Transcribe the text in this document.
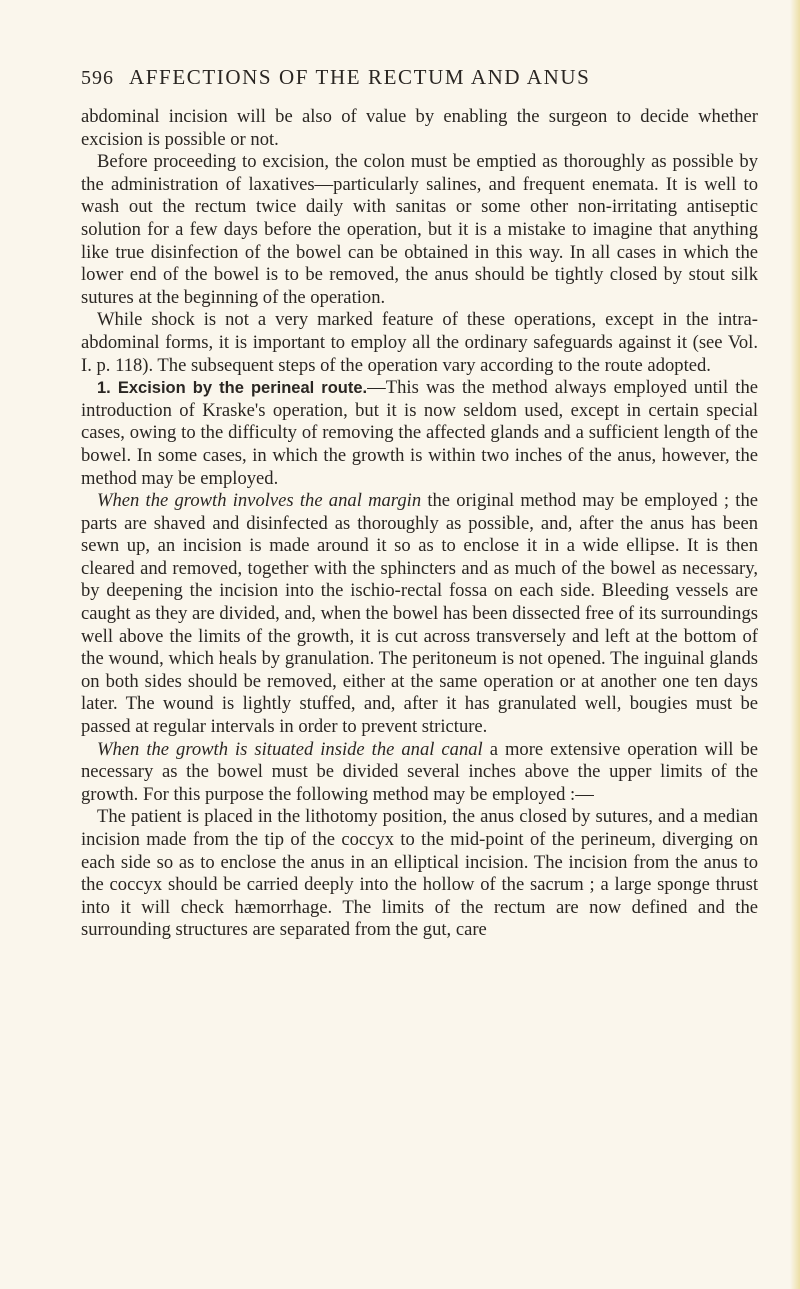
596 AFFECTIONS OF THE RECTUM AND ANUS

abdominal incision will be also of value by enabling the surgeon to decide whether excision is possible or not.

Before proceeding to excision, the colon must be emptied as thoroughly as possible by the administration of laxatives—particularly salines, and frequent enemata. It is well to wash out the rectum twice daily with sanitas or some other non-irritating antiseptic solution for a few days before the operation, but it is a mistake to imagine that anything like true disinfection of the bowel can be obtained in this way. In all cases in which the lower end of the bowel is to be removed, the anus should be tightly closed by stout silk sutures at the beginning of the operation.

While shock is not a very marked feature of these operations, except in the intra-abdominal forms, it is important to employ all the ordinary safeguards against it (see Vol. I. p. 118). The subsequent steps of the operation vary according to the route adopted.

1. Excision by the perineal route.—This was the method always employed until the introduction of Kraske's operation, but it is now seldom used, except in certain special cases, owing to the difficulty of removing the affected glands and a sufficient length of the bowel. In some cases, in which the growth is within two inches of the anus, however, the method may be employed.

When the growth involves the anal margin the original method may be employed ; the parts are shaved and disinfected as thoroughly as possible, and, after the anus has been sewn up, an incision is made around it so as to enclose it in a wide ellipse. It is then cleared and removed, together with the sphincters and as much of the bowel as necessary, by deepening the incision into the ischio-rectal fossa on each side. Bleeding vessels are caught as they are divided, and, when the bowel has been dissected free of its surroundings well above the limits of the growth, it is cut across transversely and left at the bottom of the wound, which heals by granulation. The peritoneum is not opened. The inguinal glands on both sides should be removed, either at the same operation or at another one ten days later. The wound is lightly stuffed, and, after it has granulated well, bougies must be passed at regular intervals in order to prevent stricture.

When the growth is situated inside the anal canal a more extensive operation will be necessary as the bowel must be divided several inches above the upper limits of the growth. For this purpose the following method may be employed :—

The patient is placed in the lithotomy position, the anus closed by sutures, and a median incision made from the tip of the coccyx to the mid-point of the perineum, diverging on each side so as to enclose the anus in an elliptical incision. The incision from the anus to the coccyx should be carried deeply into the hollow of the sacrum ; a large sponge thrust into it will check hæmorrhage. The limits of the rectum are now defined and the surrounding structures are separated from the gut, care
